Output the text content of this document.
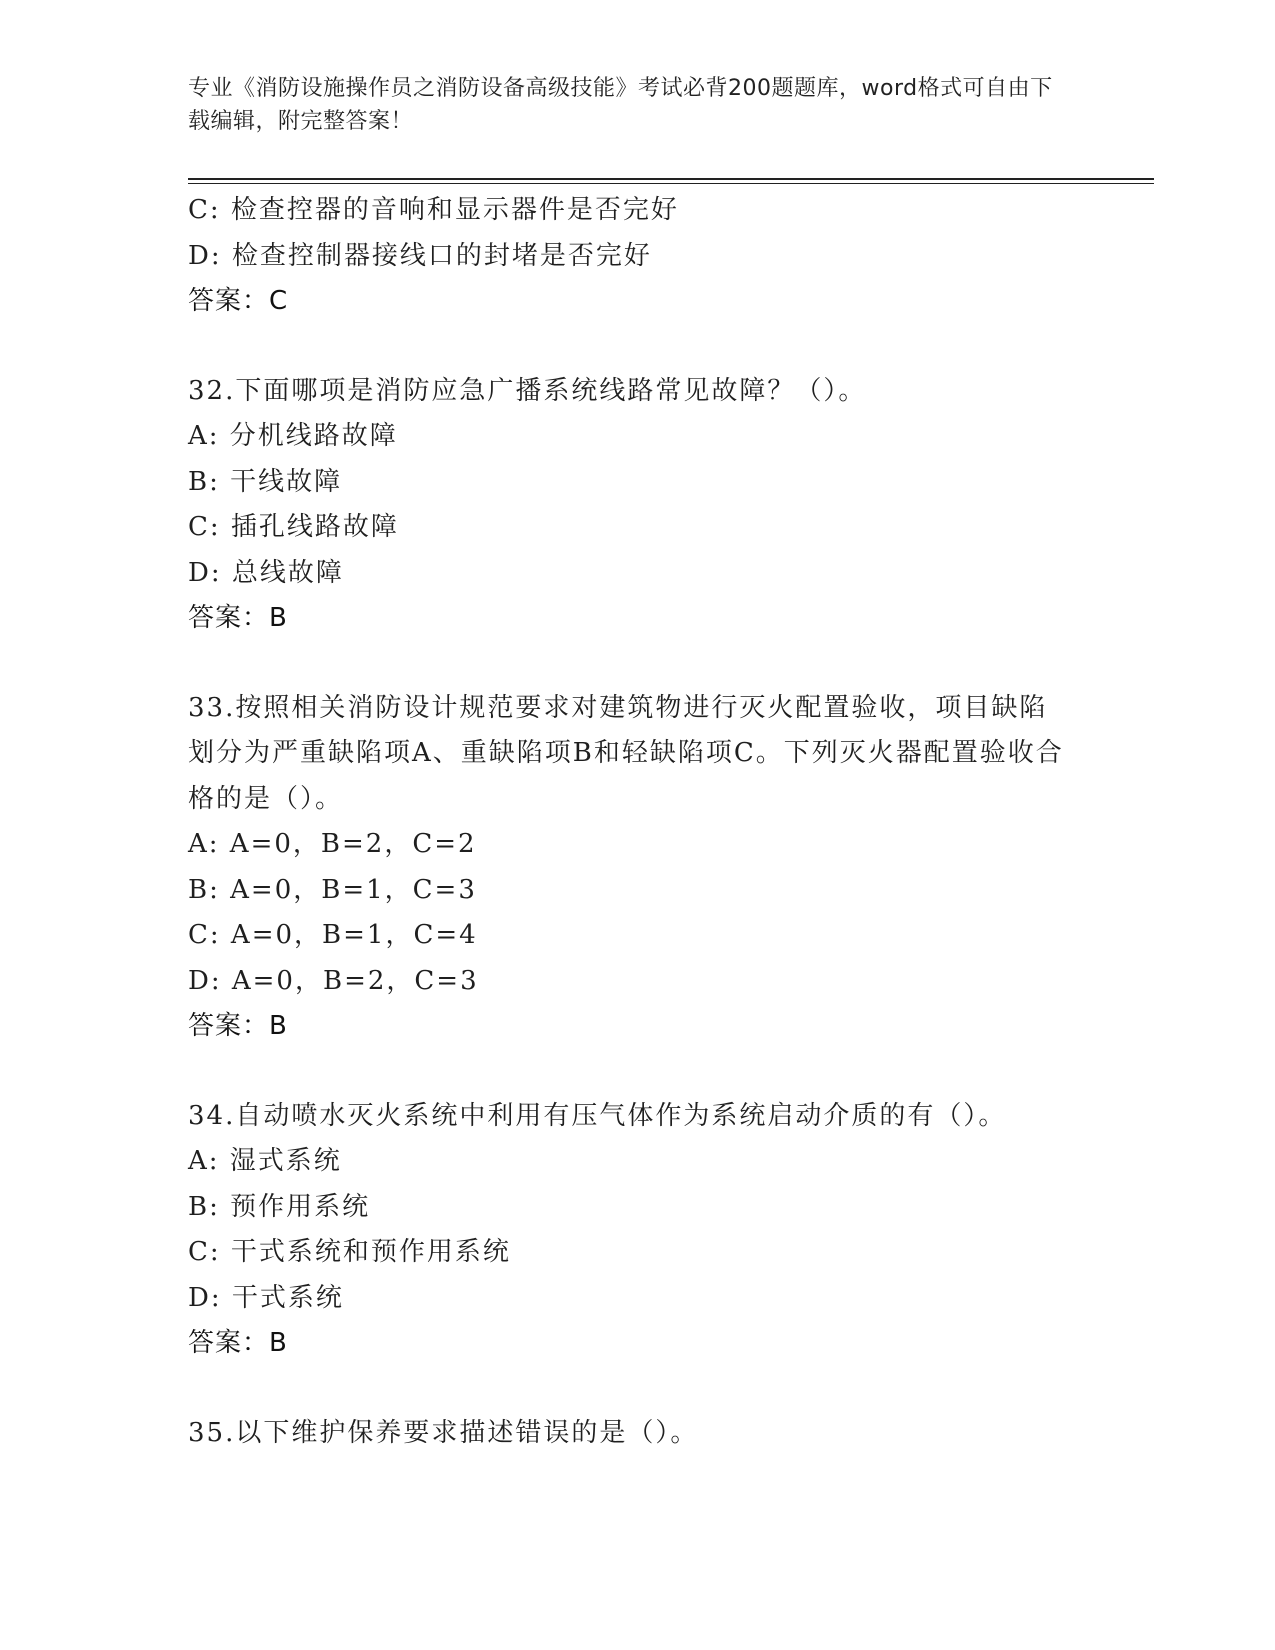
专业《消防设施操作员之消防设备高级技能》考试必背200题题库，word格式可自由下载编辑，附完整答案！
C: 检查控器的音响和显示器件是否完好
D: 检查控制器接线口的封堵是否完好
答案：C
32.下面哪项是消防应急广播系统线路常见故障？（）。
A: 分机线路故障
B: 干线故障
C: 插孔线路故障
D: 总线故障
答案：B
33.按照相关消防设计规范要求对建筑物进行灭火配置验收，项目缺陷划分为严重缺陷项A、重缺陷项B和轻缺陷项C。下列灭火器配置验收合格的是（）。
A: A=0，B=2，C=2
B: A=0，B=1，C=3
C: A=0，B=1，C=4
D: A=0，B=2，C=3
答案：B
34.自动喷水灭火系统中利用有压气体作为系统启动介质的有（）。
A: 湿式系统
B: 预作用系统
C: 干式系统和预作用系统
D: 干式系统
答案：B
35.以下维护保养要求描述错误的是（）。
